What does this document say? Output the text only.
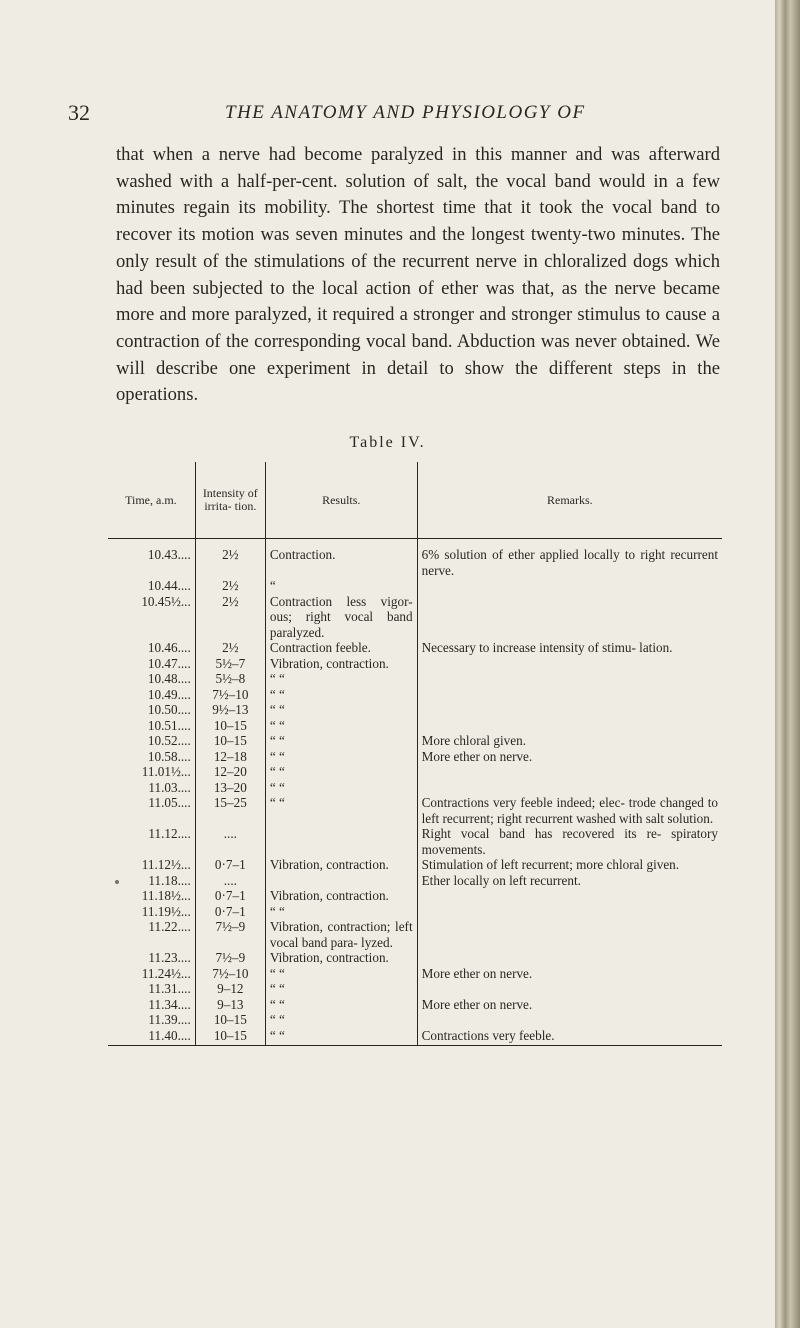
32	THE ANATOMY AND PHYSIOLOGY OF

that when a nerve had become paralyzed in this manner and was afterward washed with a half-per-cent. solution of salt, the vocal band would in a few minutes regain its mobility. The shortest time that it took the vocal band to recover its motion was seven minutes and the longest twenty-two minutes. The only result of the stimulations of the recurrent nerve in chloralized dogs which had been subjected to the local action of ether was that, as the nerve became more and more paralyzed, it required a stronger and stronger stimulus to cause a contraction of the corresponding vocal band. Abduction was never obtained. We will describe one experiment in detail to show the different steps in the operations.

Table IV.
Time, a.m.	Intensity of irrita- tion.	Results.	Remarks.
10.43....	2½	Contraction.	6% solution of ether applied locally to right recurrent nerve.
10.44....	2½	“	
10.45½...	2½	Contraction less vigor- ous; right vocal band paralyzed.	
10.46....	2½	Contraction feeble.	Necessary to increase intensity of stimu- lation.
10.47....	5½–7	Vibration, contraction.	
10.48....	5½–8	“ “	
10.49....	7½–10	“ “	
10.50....	9½–13	“ “	
10.51....	10–15	“ “	
10.52....	10–15	“ “	More chloral given.
10.58....	12–18	“ “	More ether on nerve.
11.01½...	12–20	“ “	
11.03....	13–20	“ “	
11.05....	15–25	“ “	Contractions very feeble indeed; elec- trode changed to left recurrent; right recurrent washed with salt solution.
11.12....	....		Right vocal band has recovered its re- spiratory movements.
11.12½...	0·7–1	Vibration, contraction.	Stimulation of left recurrent; more chloral given.
11.18....	....		Ether locally on left recurrent.
11.18½...	0·7–1	Vibration, contraction.	
11.19½...	0·7–1	“ “	
11.22....	7½–9	Vibration, contraction; left vocal band para- lyzed.	
11.23....	7½–9	Vibration, contraction.	
11.24½...	7½–10	“ “	More ether on nerve.
11.31....	9–12	“ “	
11.34....	9–13	“ “	More ether on nerve.
11.39....	10–15	“ “	
11.40....	10–15	“ “	Contractions very feeble.
